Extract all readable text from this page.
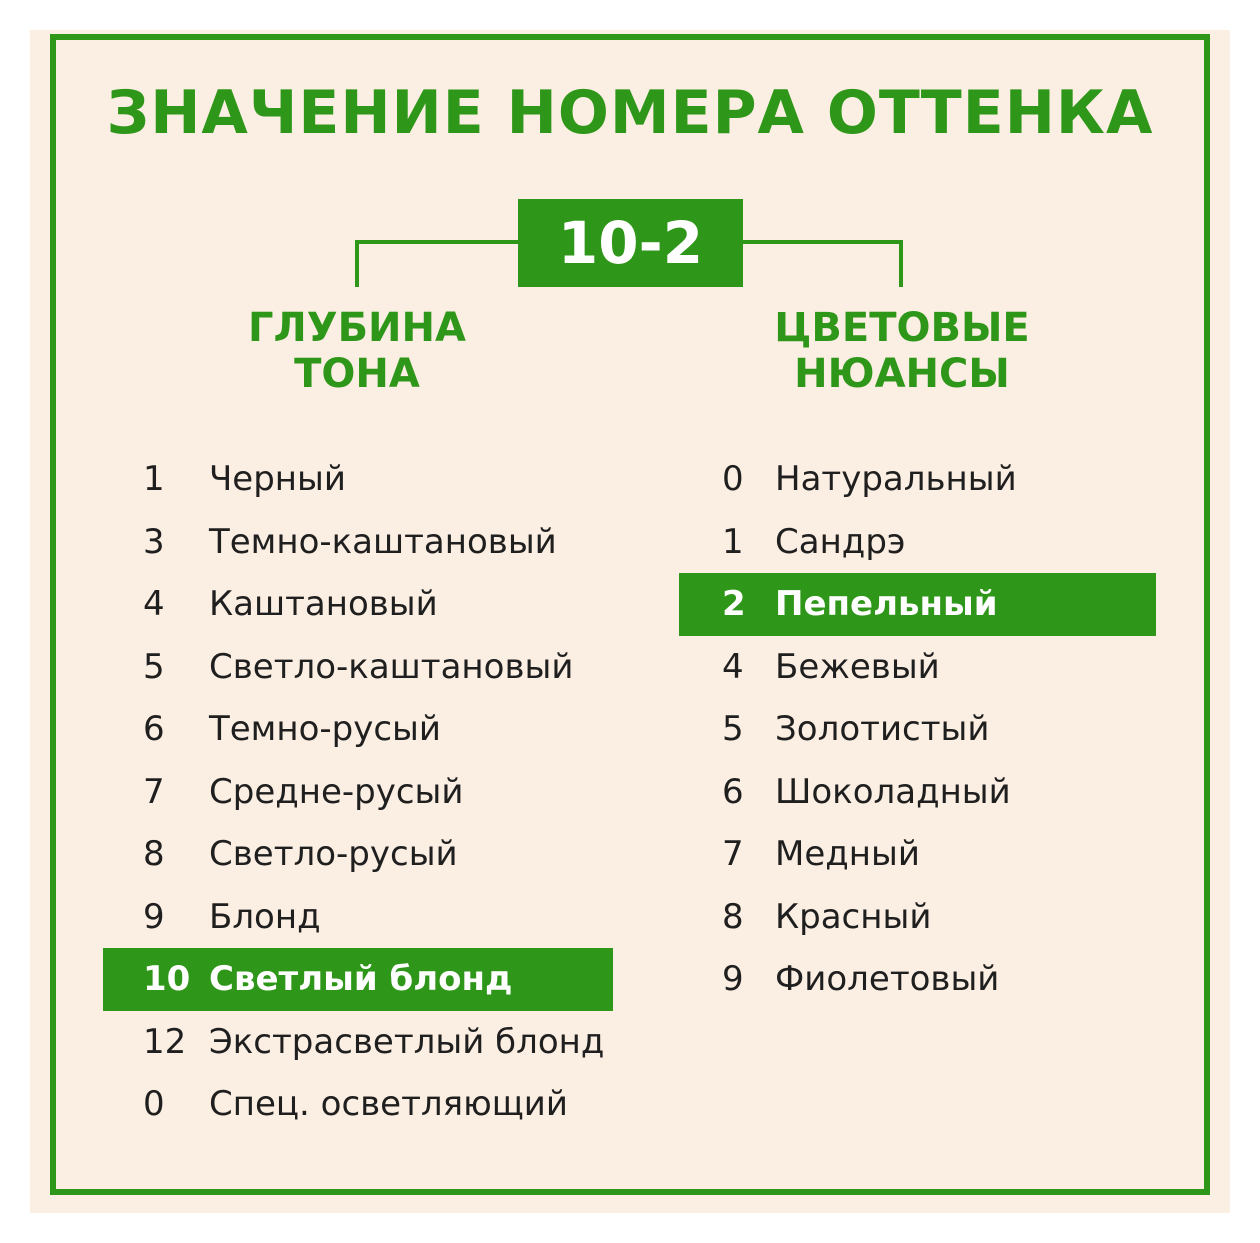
ЗНАЧЕНИЕ НОМЕРА ОТТЕНКА
10-2
ГЛУБИНА
ТОНА
ЦВЕТОВЫЕ
НЮАНСЫ
1 Черный
3 Темно-каштановый
4 Каштановый
5 Светло-каштановый
6 Темно-русый
7 Средне-русый
8 Светло-русый
9 Блонд
10 Светлый блонд
12 Экстрасветлый блонд
0 Спец. осветляющий
0 Натуральный
1 Сандрэ
2 Пепельный
4 Бежевый
5 Золотистый
6 Шоколадный
7 Медный
8 Красный
9 Фиолетовый
